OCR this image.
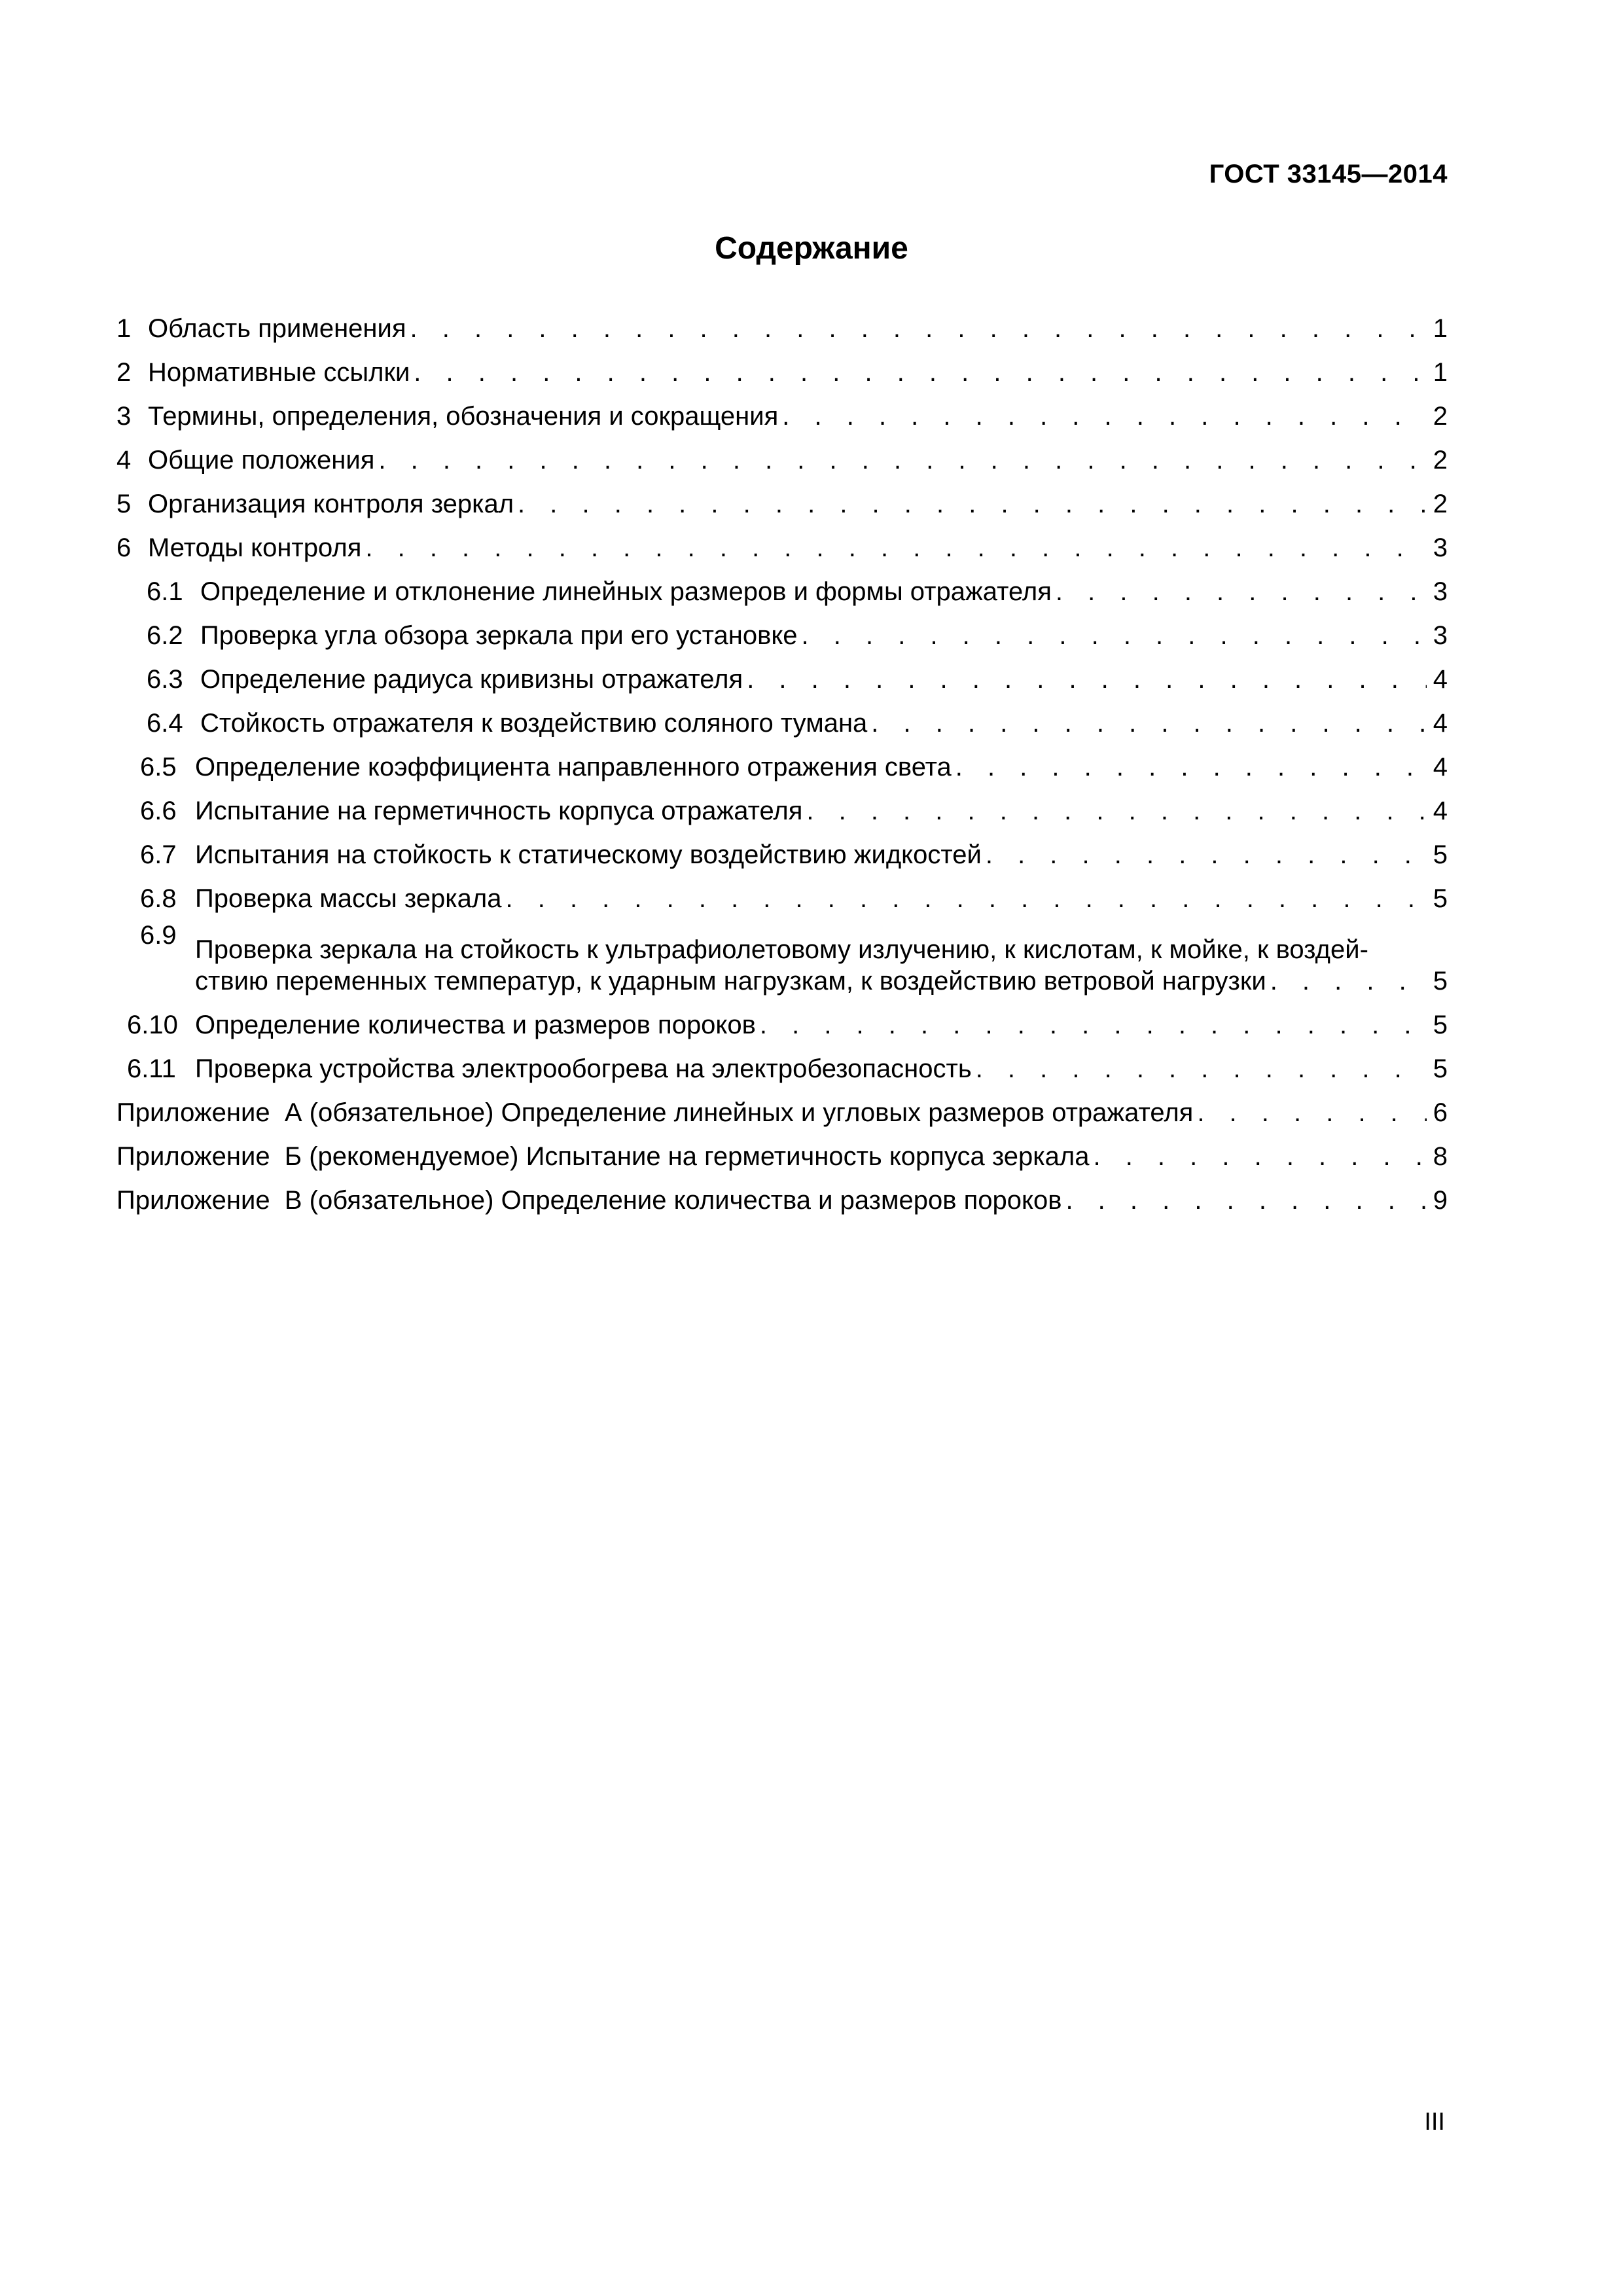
ГОСТ 33145—2014
Содержание
1 Область применения . . .	1
2 Нормативные ссылки . . .	1
3 Термины, определения, обозначения и сокращения . . .	2
4 Общие положения . . .	2
5 Организация контроля зеркал . . .	2
6 Методы контроля . . .	3
6.1 Определение и отклонение линейных размеров и формы отражателя . . .	3
6.2 Проверка угла обзора зеркала при его установке . . .	3
6.3 Определение радиуса кривизны отражателя . . .	4
6.4 Стойкость отражателя к воздействию соляного тумана . . .	4
6.5 Определение коэффициента направленного отражения света . . .	4
6.6 Испытание на герметичность корпуса отражателя . . .	4
6.7 Испытания на стойкость к статическому воздействию жидкостей . . .	5
6.8 Проверка массы зеркала . . .	5
6.9 Проверка зеркала на стойкость к ультрафиолетовому излучению, к кислотам, к мойке, к воздей-
ствию переменных температур, к ударным нагрузкам, к воздействию ветровой нагрузки . . .	5
6.10 Определение количества и размеров пороков . . .	5
6.11 Проверка устройства электрообогрева на электробезопасность . . .	5
Приложение  А (обязательное) Определение линейных и угловых размеров отражателя . . .	6
Приложение  Б (рекомендуемое) Испытание на герметичность корпуса зеркала . . .	8
Приложение  В (обязательное) Определение количества и размеров пороков . . .	9
III
